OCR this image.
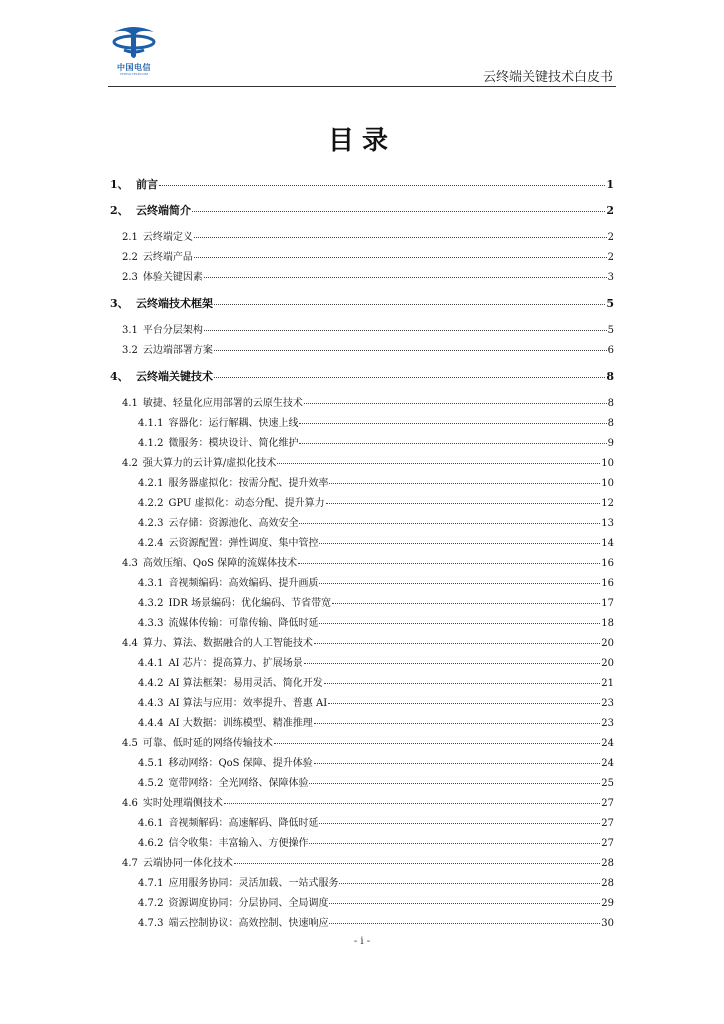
中国电信
CHINA TELECOM	云终端关键技术白皮书
目录
1、 前言	1
2、 云终端简介	2
2.1 云终端定义	2
2.2 云终端产品	2
2.3 体验关键因素	3
3、 云终端技术框架	5
3.1 平台分层架构	5
3.2 云边端部署方案	6
4、 云终端关键技术	8
4.1 敏捷、轻量化应用部署的云原生技术	8
4.1.1 容器化：运行解耦、快速上线	8
4.1.2 微服务：模块设计、简化维护	9
4.2 强大算力的云计算/虚拟化技术	10
4.2.1 服务器虚拟化：按需分配、提升效率	10
4.2.2 GPU 虚拟化：动态分配、提升算力	12
4.2.3 云存储：资源池化、高效安全	13
4.2.4 云资源配置：弹性调度、集中管控	14
4.3 高效压缩、QoS 保障的流媒体技术	16
4.3.1 音视频编码：高效编码、提升画质	16
4.3.2 IDR 场景编码：优化编码、节省带宽	17
4.3.3 流媒体传输：可靠传输、降低时延	18
4.4 算力、算法、数据融合的人工智能技术	20
4.4.1 AI 芯片：提高算力、扩展场景	20
4.4.2 AI 算法框架：易用灵活、简化开发	21
4.4.3 AI 算法与应用：效率提升、普惠 AI	23
4.4.4 AI 大数据：训练模型、精准推理	23
4.5 可靠、低时延的网络传输技术	24
4.5.1 移动网络：QoS 保障、提升体验	24
4.5.2 宽带网络：全光网络、保障体验	25
4.6 实时处理端侧技术	27
4.6.1 音视频解码：高速解码、降低时延	27
4.6.2 信令收集：丰富输入、方便操作	27
4.7 云端协同一体化技术	28
4.7.1 应用服务协同：灵活加载、一站式服务	28
4.7.2 资源调度协同：分层协同、全局调度	29
4.7.3 端云控制协议：高效控制、快速响应	30
- i -
